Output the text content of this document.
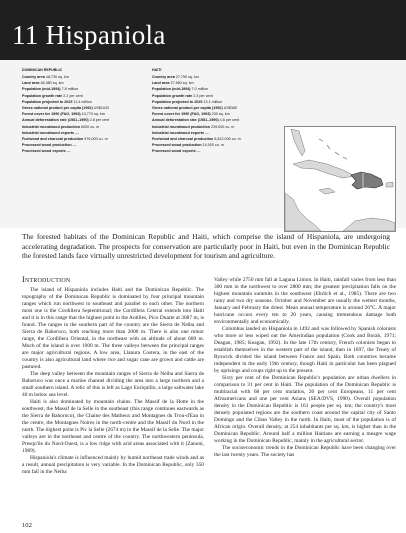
11 Hispaniola
DOMINICAN REPUBLIC
Country area 48,730 sq. km
Land area 48,380 sq. km
Population (mid-1994) 7.8 million
Population growth rate 2.2 per cent
Population projected to 2025 11.4 million
Gross national product per capita (1992) US$1043
Forest cover for 1990 (FAO, 1993) 10,770 sq. km
Annual deforestation rate (1981–1990) 2.8 per cent
Industrial roundwood production 6000 cu. m
Industrial roundwood exports —
Fuelwood and charcoal production 976,000 cu. m
Processed wood production —
Processed wood exports —
HAITI
Country area 27,750 sq. km
Land area 27,560 sq. km
Population (mid-1994) 7.0 million
Population growth rate 2.3 per cent
Population projected to 2025 13.1 million
Gross national product per capita (1992) US$380
Forest cover for 1990 (FAO, 1993) 230 sq. km
Annual deforestation rate (1981–1990) 4.8 per cent
Industrial roundwood production 239,000 cu. m
Industrial roundwood exports —
Fuelwood and charcoal production 5,812,000 cu. m
Processed wood production 14,000 cu. m
Processed wood exports —
The forested habitats of the Dominican Republic and Haiti, which comprise the island of Hispaniola, are undergoing accelerating degradation. The prospects for conservation are particularly poor in Haiti, but even in the Dominican Republic the forested lands face virtually unrestricted development for tourism and agriculture.
Introduction

The island of Hispaniola includes Haiti and the Dominican Republic. The topography of the Dominican Republic is dominated by four principal mountain ranges which run northwest to southeast and parallel to each other. The northern most one is the Cordillera Septentrional; the Cordillera Central extends into Haiti and it is in this range that the highest point in the Antilles, Pico Duarte at 3087 m, is found. The ranges in the southern part of the country are the Sierra de Neiba and Sierra de Bahoruco, both reaching more than 2000 m. There is also one minor range, the Cordillera Oriental, in the northeast with an altitude of about 600 m. Much of the island is over 1000 m. The three valleys between the principal ranges are major agricultural regions. A low area, Llanura Costera, in the east of the country is also agricultural land where rice and sugar cane are grown and cattle are pastured.

The deep valley between the mountain ranges of Sierra de Neiba and Sierra de Bahoruco was once a marine channel dividing the area into a large northern and a small southern island. A relic of this is left as Lago Enriquillo, a large saltwater lake 40 m below sea level.

Haiti is also dominated by mountain chains. The Massif de la Hotte in the southwest, the Massif de la Selle in the southeast (this range continues eastwards as the Sierra de Bahoruco), the Chaine des Matheux and Montagnes du Trou-d'Eau in the centre, the Montagnes Noires in the north-centre and the Massif du Nord in the north. The highest point is Pic la Selle (2674 m) in the Massif de la Selle. The major valleys are in the northeast and centre of the country. The northwestern peninsula, Presqu'ile du Nord-Ouest, is a low ridge with arid areas associated with it (Zanoni, 1989).

Hispaniola's climate is influenced mainly by humid northeast trade winds and as a result, annual precipitation is very variable. In the Dominican Republic, only 350 mm fall in the Neiba

Valley while 2750 mm fall at Laguna Limon. In Haiti, rainfall varies from less than 300 mm in the northwest to over 2800 mm; the greatest precipitation falls on the highest mountain summits in the southwest (Ehrlich et al., 1985). There are two rainy and two dry seasons. October and November are usually the wettest months, January and February the driest. Mean annual temperature is around 26°C. A major hurricane occurs every ten to 20 years, causing tremendous damage both environmentally and economically.

Columbus landed on Hispaniola in 1492 and was followed by Spanish colonists who more or less wiped out the Amerindian population (Cook and Borah, 1971; Deagan, 1985; Keagan, 1992). In the late 17th century, French colonists began to establish themselves in the western part of the island, then in 1697, the Treaty of Ryswick divided the island between France and Spain. Both countries became independent in the early 19th century, though Haiti in particular has been plagued by uprisings and coups right up to the present.

Sixty per cent of the Dominican Republic's population are urban dwellers in comparison to 31 per cent in Haiti. The population of the Dominican Republic is multiracial with 68 per cent mulattos, 20 per cent Europeans, 11 per cent Afroamericans and one per cent Asians (SEA/DVS, 1990). Overall population density in the Dominican Republic is 161 people per sq. km; the country's most densely populated regions are the southern coast around the capital city of Santo Domingo and the Cibao Valley in the north. In Haiti, most of the population is of African origin. Overall density, at 254 inhabitants per sq. km, is higher than in the Dominican Republic. Around half a million Haitians are earning a meagre wage working in the Dominican Republic, mainly in the agricultural sector.

The socioeconomic trends in the Dominican Republic have been changing over the last twenty years. The society has

102
